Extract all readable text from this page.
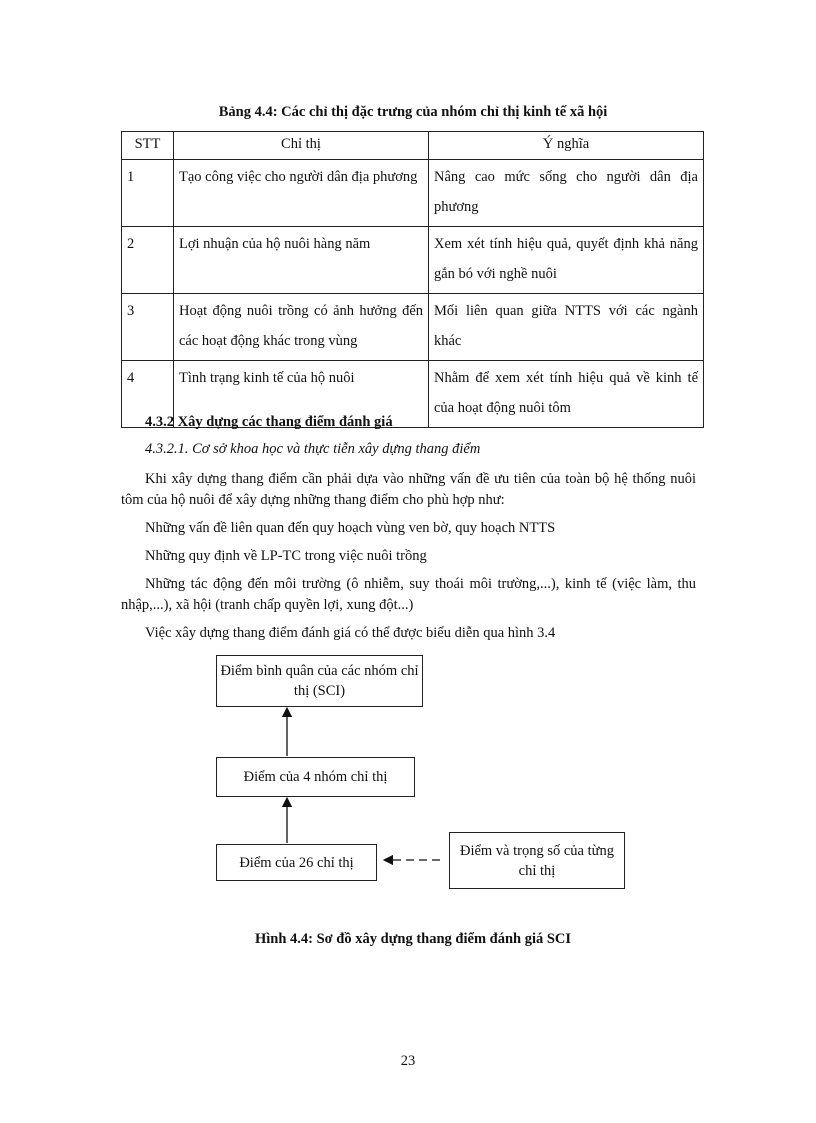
Bảng 4.4: Các chỉ thị đặc trưng của nhóm chỉ thị kinh tế xã hội
STT	Chỉ thị	Ý nghĩa
1	Tạo công việc cho người dân địa phương	Nâng cao mức sống cho người dân địa phương
2	Lợi nhuận của hộ nuôi hàng năm	Xem xét tính hiệu quả, quyết định khả năng gắn bó với nghề nuôi
3	Hoạt động nuôi trồng có ảnh hưởng đến các hoạt động khác trong vùng	Mối liên quan giữa NTTS với các ngành khác
4	Tình trạng kinh tế của hộ nuôi	Nhằm để xem xét tính hiệu quả về kinh tế của hoạt động nuôi tôm
4.3.2 Xây dựng các thang điểm đánh giá
4.3.2.1. Cơ sở khoa học và thực tiễn xây dựng thang điểm
Khi xây dựng thang điểm cần phải dựa vào những vấn đề ưu tiên của toàn bộ hệ thống nuôi tôm của hộ nuôi để xây dựng những thang điểm cho phù hợp như:
Những vấn đề liên quan đến quy hoạch vùng ven bờ, quy hoạch NTTS
Những quy định về LP-TC trong việc nuôi trồng
Những tác động đến môi trường (ô nhiễm, suy thoái môi trường,...), kinh tế (việc làm, thu nhập,...), xã hội (tranh chấp quyền lợi, xung đột...)
Việc xây dựng thang điểm đánh giá có thể được biểu diễn qua hình 3.4
Điểm bình quân của các nhóm chỉ thị (SCI)
Điểm của 4 nhóm chỉ thị
Điểm của 26 chỉ thị
Điểm và trọng số của từng chỉ thị
Hình 4.4: Sơ đồ xây dựng thang điểm đánh giá SCI
23
